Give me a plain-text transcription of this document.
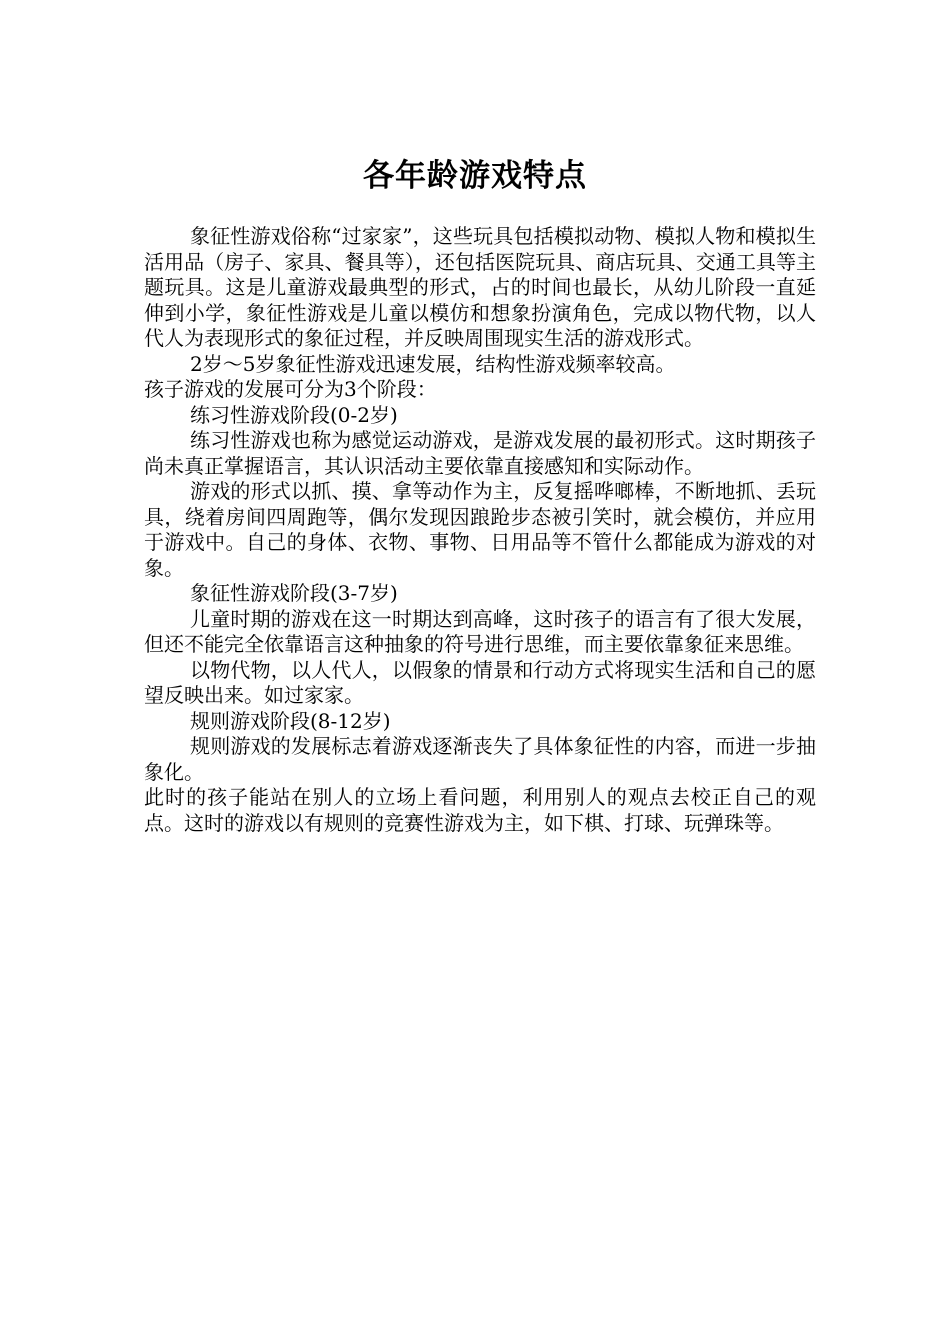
各年龄游戏特点

象征性游戏俗称“过家家”，这些玩具包括模拟动物、模拟人物和模拟生活用品（房子、家具、餐具等），还包括医院玩具、商店玩具、交通工具等主题玩具。这是儿童游戏最典型的形式，占的时间也最长，从幼儿阶段一直延伸到小学，象征性游戏是儿童以模仿和想象扮演角色，完成以物代物，以人代人为表现形式的象征过程，并反映周围现实生活的游戏形式。

2岁～5岁象征性游戏迅速发展，结构性游戏频率较高。

孩子游戏的发展可分为3个阶段：

练习性游戏阶段(0-2岁)

练习性游戏也称为感觉运动游戏，是游戏发展的最初形式。这时期孩子尚未真正掌握语言，其认识活动主要依靠直接感知和实际动作。

游戏的形式以抓、摸、拿等动作为主，反复摇哗啷棒，不断地抓、丢玩具，绕着房间四周跑等，偶尔发现因踉跄步态被引笑时，就会模仿，并应用于游戏中。自己的身体、衣物、事物、日用品等不管什么都能成为游戏的对象。

象征性游戏阶段(3-7岁)

儿童时期的游戏在这一时期达到高峰，这时孩子的语言有了很大发展，但还不能完全依靠语言这种抽象的符号进行思维，而主要依靠象征来思维。

以物代物，以人代人，以假象的情景和行动方式将现实生活和自己的愿望反映出来。如过家家。

规则游戏阶段(8-12岁)

规则游戏的发展标志着游戏逐渐丧失了具体象征性的内容，而进一步抽象化。

此时的孩子能站在别人的立场上看问题，利用别人的观点去校正自己的观点。这时的游戏以有规则的竞赛性游戏为主，如下棋、打球、玩弹珠等。
